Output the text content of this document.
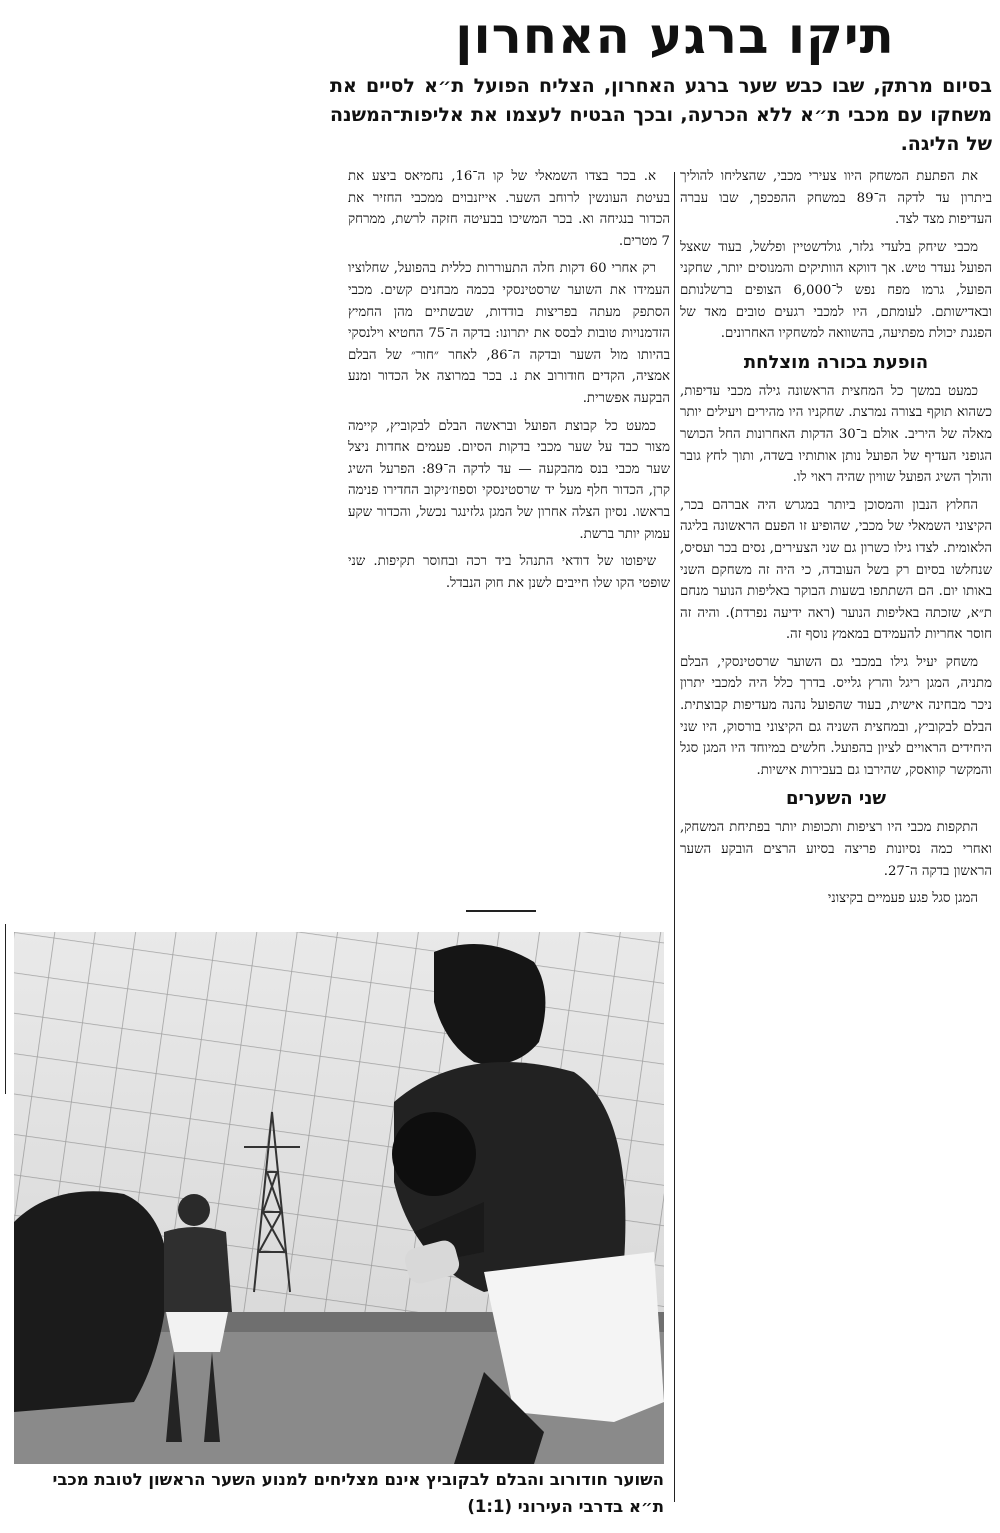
תיקו ברגע האחרון
בסיום מרתק, שבו כבש שער ברגע האחרון, הצליח הפועל ת״א לסיים את משחקו עם מכבי ת״א ללא הכרעה, ובכך הבטיח לעצמו את אליפות־המשנה של הליגה.

את הפתעת המשחק היוו צעירי מכבי, שהצליחו להוליך ביתרון עד לדקה ה־89 במשחק ההפכפך, שבו עברה העדיפות מצד לצד.

מכבי שיחק בלעדי גלזר, גולדשטיין ופלשל, בעוד שאצל הפועל נעדר טיש. אך דווקא הוותיקים והמנוסים יותר, שחקני הפועל, גרמו מפח נפש ל־6,000 הצופים ברשלנותם ובאדישותם. לעומתם, היו למכבי רגעים טובים מאד של הפגנת יכולת מפתיעה, בהשוואה למשחקיו האחרונים.

הופעת בכורה מוצלחת

כמעט במשך כל המחצית הראשונה גילה מכבי עדיפות, כשהוא תוקף בצורה נמרצת. שחקניו היו מהירים ויעילים יותר מאלה של היריב. אולם ב־30 הדקות האחרונות החל הכושר הגופני העדיף של הפועל נותן אותותיו בשדה, ותוך לחץ גובר והולך השיג הפועל שוויון שהיה ראוי לו.

החלוץ הנבון והמסוכן ביותר במגרש היה אברהם בכר, הקיצוני השמאלי של מכבי, שהופיע זו הפעם הראשונה בליגה הלאומית. לצדו גילו כשרון גם שני הצעירים, נסים בכר ועסיס, שנחלשו בסיום רק בשל העובדה, כי היה זה משחקם השני באותו יום. הם השתתפו בשעות הבוקר באליפות הנוער מנחם ת״א, שזכתה באליפות הנוער (ראה ידיעה נפרדת). והיה זה חוסר אחריות להעמידם במאמץ נוסף זה.

משחק יעיל גילו במכבי גם השוער שרסטינסקי, הבלם מתניה, המגן ריגל והרץ גלייס. בדרך כלל היה למכבי יתרון ניכר מבחינה אישית, בעוד שהפועל נהנה מעדיפות קבוצתית. הבלם לבקוביץ, ובמחצית השניה גם הקיצוני בורסוק, היו שני היחידים הראויים לציון בהפועל. חלשים במיוחד היו המגן סגל והמקשר קוואסק, שהירבו גם בעבירות אישיות.

שני השערים

התקפות מכבי היו רציפות ותכופות יותר בפתיחת המשחק, ואחרי כמה נסיונות פריצה בסיוע הרצים הובקע השער הראשון בדקה ה־27.

המגן סגל פגע פעמיים בקיצוני

א. בכר בצדו השמאלי של קו ה־16, נחמיאס ביצע את בעיטת העונשין לרוחב השער. אייזנבוים ממכבי החזיר את הכדור בנגיחה וא. בכר המשיכו בבעיטה חזקה לרשת, ממרחק 7 מטרים.

רק אחרי 60 דקות חלה התעוררות כללית בהפועל, שחלוציו העמידו את השוער שרסטינסקי בכמה מבחנים קשים. מכבי הסתפק מעתה בפריצות בודדות, שבשתיים מהן החמיץ הזדמנויות טובות לבסס את יתרונו: בדקה ה־75 החטיא וילנסקי בהיותו מול השער ובדקה ה־86, לאחר ״חור״ של הבלם אמציה, הקדים חודורוב את נ. בכר במרוצה אל הכדור ומנע הבקעה אפשרית.

כמעט כל קבוצת הפועל ובראשה הבלם לבקוביץ, קיימה מצור כבד על שער מכבי בדקות הסיום. פעמים אחדות ניצל שער מכבי בנס מהבקעה — עד לדקה ה־89: הפרעל השיג קרן, הכדור חלף מעל יד שרסטינסקי וספוז׳ניקוב החדירו פנימה בראשו. נסיון הצלה אחרון של המגן גלזינגר נכשל, והכדור שקע עמוק יותר ברשת.

שיפוטו של דודאי התנהל ביד רכה ובחוסר תקיפות. שני שופטי הקו שלו חייבים לשנן את חוק הנבדל.

השוער חודורוב והבלם לבקוביץ אינם מצליחים למנוע השער הראשון לטובת מכבי ת״א בדרבי העירוני (1:1)
